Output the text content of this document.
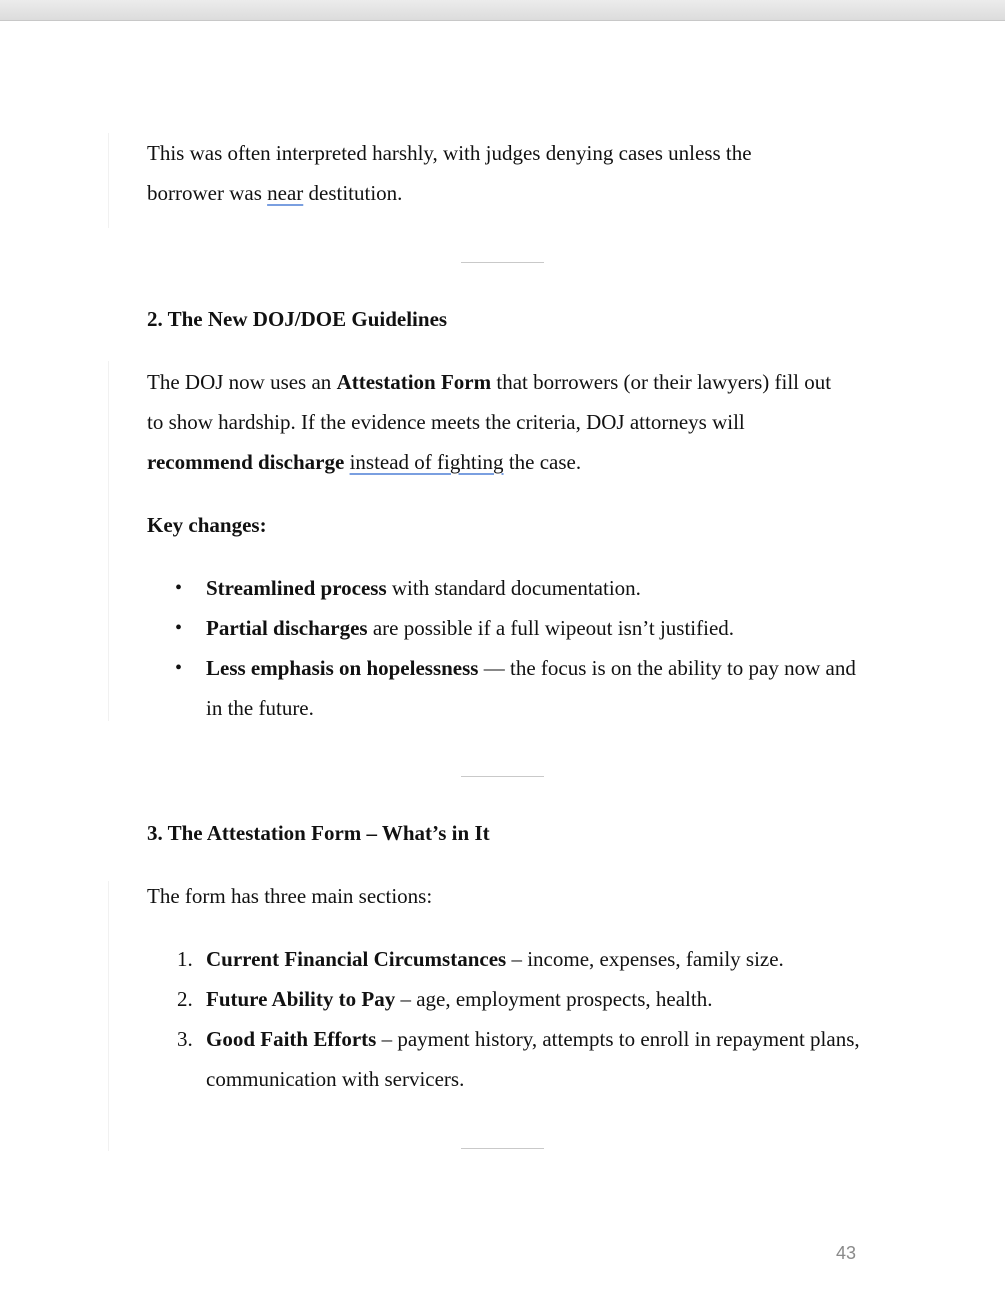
This was often interpreted harshly, with judges denying cases unless the
borrower was near destitution.

2. The New DOJ/DOE Guidelines

The DOJ now uses an Attestation Form that borrowers (or their lawyers) fill out to show hardship. If the evidence meets the criteria, DOJ attorneys will recommend discharge instead of fighting the case.

Key changes:

• Streamlined process with standard documentation.
• Partial discharges are possible if a full wipeout isn’t justified.
• Less emphasis on hopelessness — the focus is on the ability to pay now and in the future.

3. The Attestation Form – What’s in It

The form has three main sections:

1. Current Financial Circumstances – income, expenses, family size.
2. Future Ability to Pay – age, employment prospects, health.
3. Good Faith Efforts – payment history, attempts to enroll in repayment plans, communication with servicers.
43
